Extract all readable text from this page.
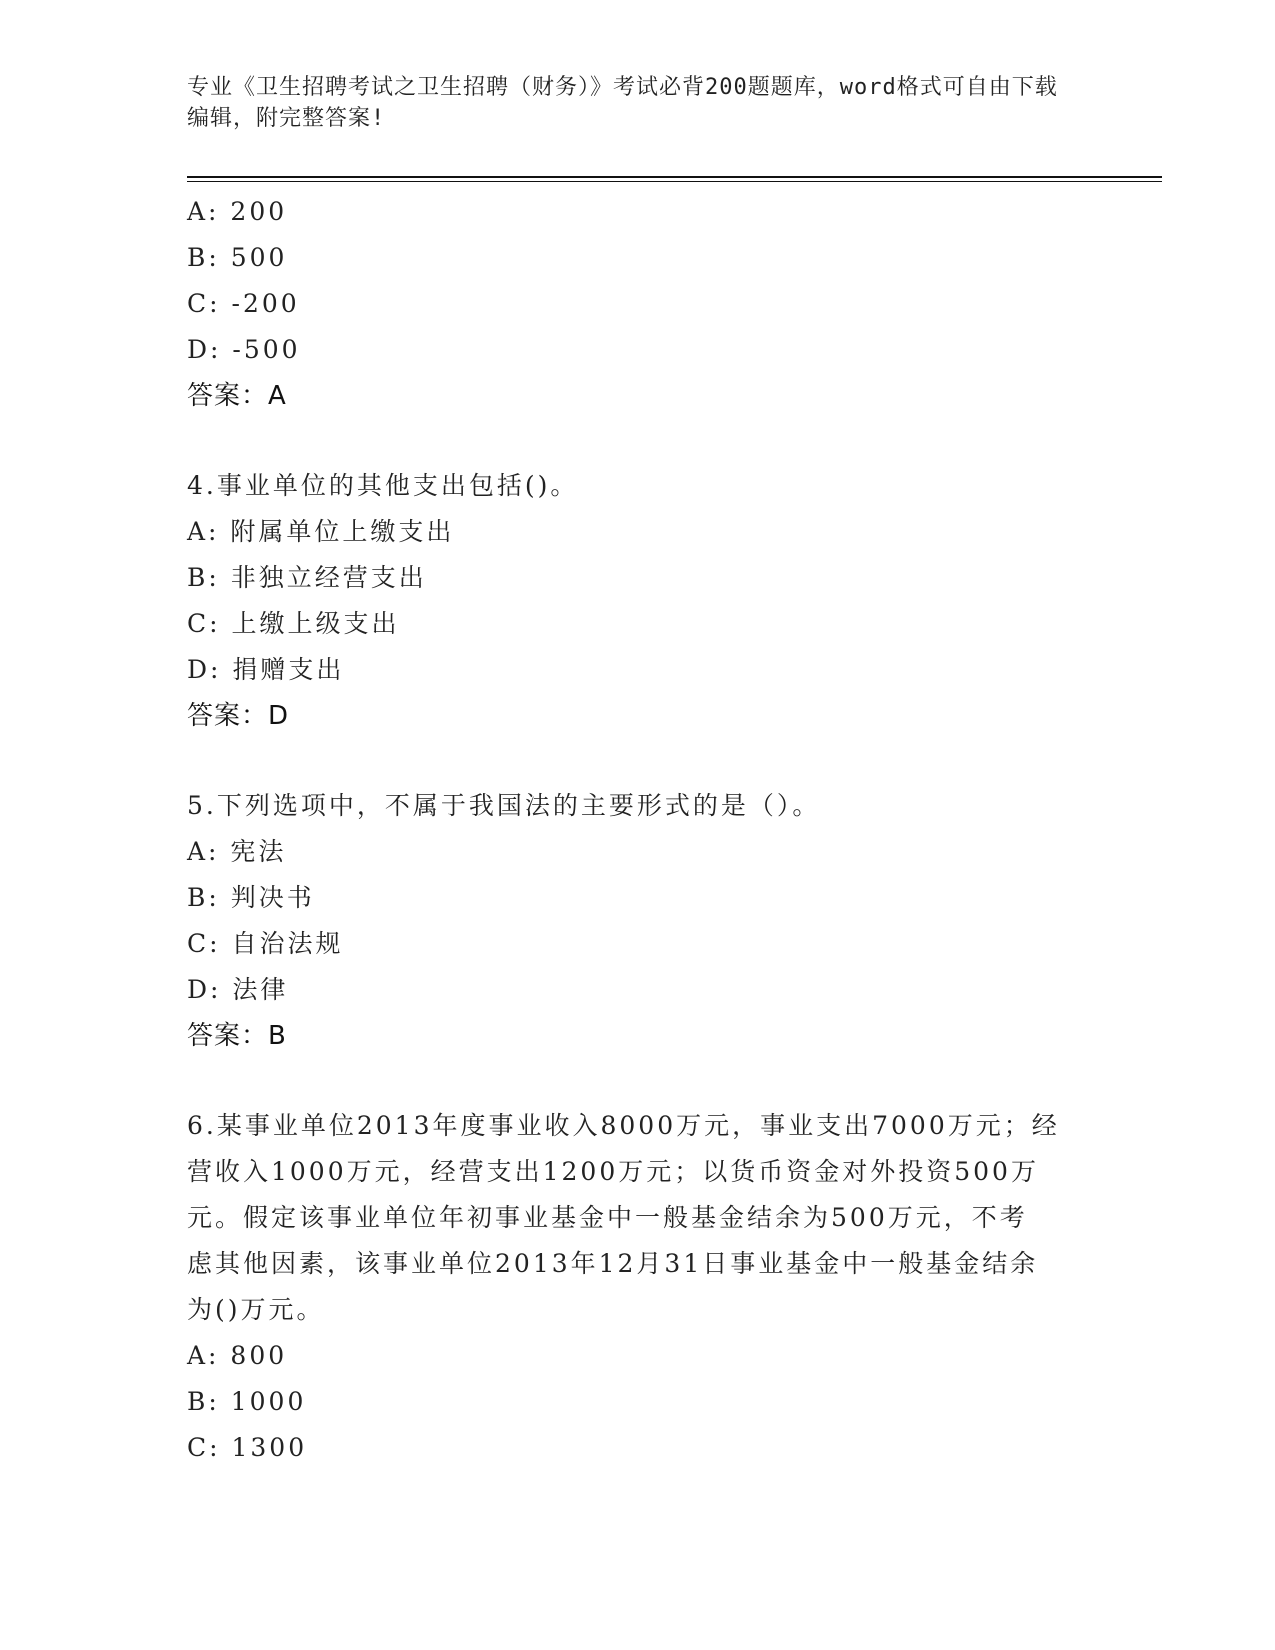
专业《卫生招聘考试之卫生招聘（财务）》考试必背200题题库，word格式可自由下载编辑，附完整答案!
A: 200
B: 500
C: -200
D: -500
答案：A
4.事业单位的其他支出包括()。
A: 附属单位上缴支出
B: 非独立经营支出
C: 上缴上级支出
D: 捐赠支出
答案：D
5.下列选项中，不属于我国法的主要形式的是（）。
A: 宪法
B: 判决书
C: 自治法规
D: 法律
答案：B
6.某事业单位2013年度事业收入8000万元，事业支出7000万元；经
营收入1000万元，经营支出1200万元；以货币资金对外投资500万
元。假定该事业单位年初事业基金中一般基金结余为500万元，不考
虑其他因素，该事业单位2013年12月31日事业基金中一般基金结余
为()万元。
A: 800
B: 1000
C: 1300
